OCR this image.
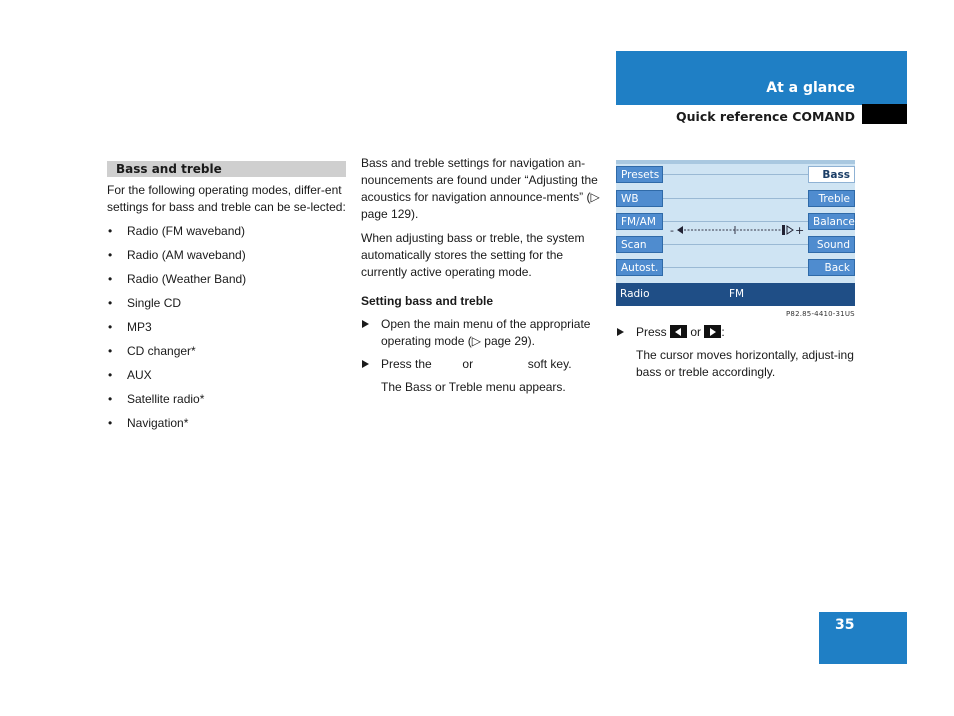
At a glance
Quick reference COMAND
Bass and treble

For the following operating modes, differ-ent settings for bass and treble can be se-lected:

• Radio (FM waveband)
• Radio (AM waveband)
• Radio (Weather Band)
• Single CD
• MP3
• CD changer*
• AUX
• Satellite radio*
• Navigation*

Bass and treble settings for navigation an-nouncements are found under “Adjusting the acoustics for navigation announce-ments” (▷ page 129).

When adjusting bass or treble, the system automatically stores the setting for the currently active operating mode.

Setting bass and treble
Open the main menu of the appropriate operating mode (▷ page 29).
Press the	or	soft key.

The Bass or Treble menu appears.

Presets
WB
FM/AM
Scan
Autost.
Bass
Treble
Balance
Sound
Back
-	+
Radio	FM
P82.85-4410-31US
Press or :

The cursor moves horizontally, adjust-ing bass or treble accordingly.

35
